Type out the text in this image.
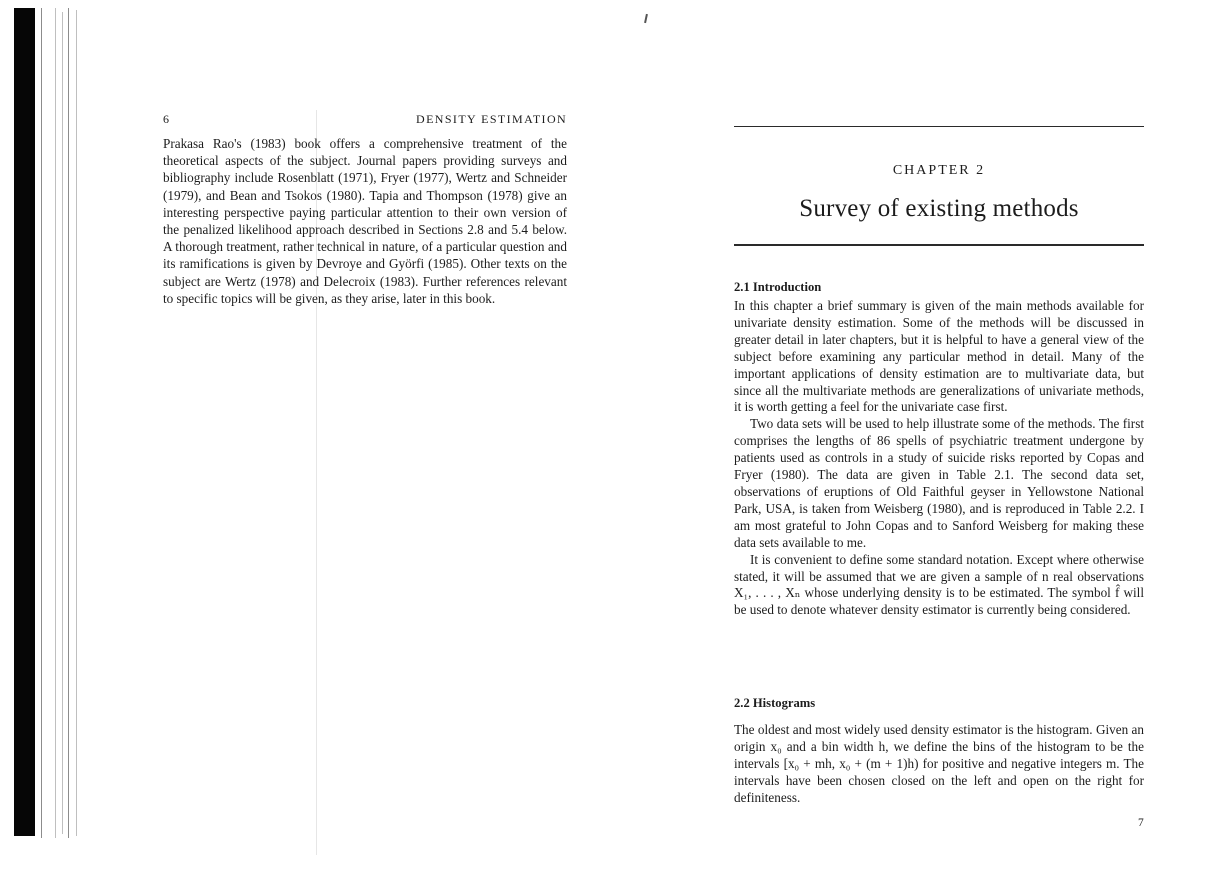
6	DENSITY ESTIMATION

Prakasa Rao's (1983) book offers a comprehensive treatment of the theoretical aspects of the subject. Journal papers providing surveys and bibliography include Rosenblatt (1971), Fryer (1977), Wertz and Schneider (1979), and Bean and Tsokos (1980). Tapia and Thompson (1978) give an interesting perspective paying particular attention to their own version of the penalized likelihood approach described in Sections 2.8 and 5.4 below. A thorough treatment, rather technical in nature, of a particular question and its ramifications is given by Devroye and Györfi (1985). Other texts on the subject are Wertz (1978) and Delecroix (1983). Further references relevant to specific topics will be given, as they arise, later in this book.

CHAPTER 2
Survey of existing methods
2.1 Introduction

In this chapter a brief summary is given of the main methods available for univariate density estimation. Some of the methods will be discussed in greater detail in later chapters, but it is helpful to have a general view of the subject before examining any particular method in detail. Many of the important applications of density estimation are to multivariate data, but since all the multivariate methods are generalizations of univariate methods, it is worth getting a feel for the univariate case first.

Two data sets will be used to help illustrate some of the methods. The first comprises the lengths of 86 spells of psychiatric treatment undergone by patients used as controls in a study of suicide risks reported by Copas and Fryer (1980). The data are given in Table 2.1. The second data set, observations of eruptions of Old Faithful geyser in Yellowstone National Park, USA, is taken from Weisberg (1980), and is reproduced in Table 2.2. I am most grateful to John Copas and to Sanford Weisberg for making these data sets available to me.

It is convenient to define some standard notation. Except where otherwise stated, it will be assumed that we are given a sample of n real observations X₁, . . . , Xₙ whose underlying density is to be estimated. The symbol f̂ will be used to denote whatever density estimator is currently being considered.

2.2 Histograms

The oldest and most widely used density estimator is the histogram. Given an origin x₀ and a bin width h, we define the bins of the histogram to be the intervals [x₀ + mh, x₀ + (m + 1)h) for positive and negative integers m. The intervals have been chosen closed on the left and open on the right for definiteness.

7
